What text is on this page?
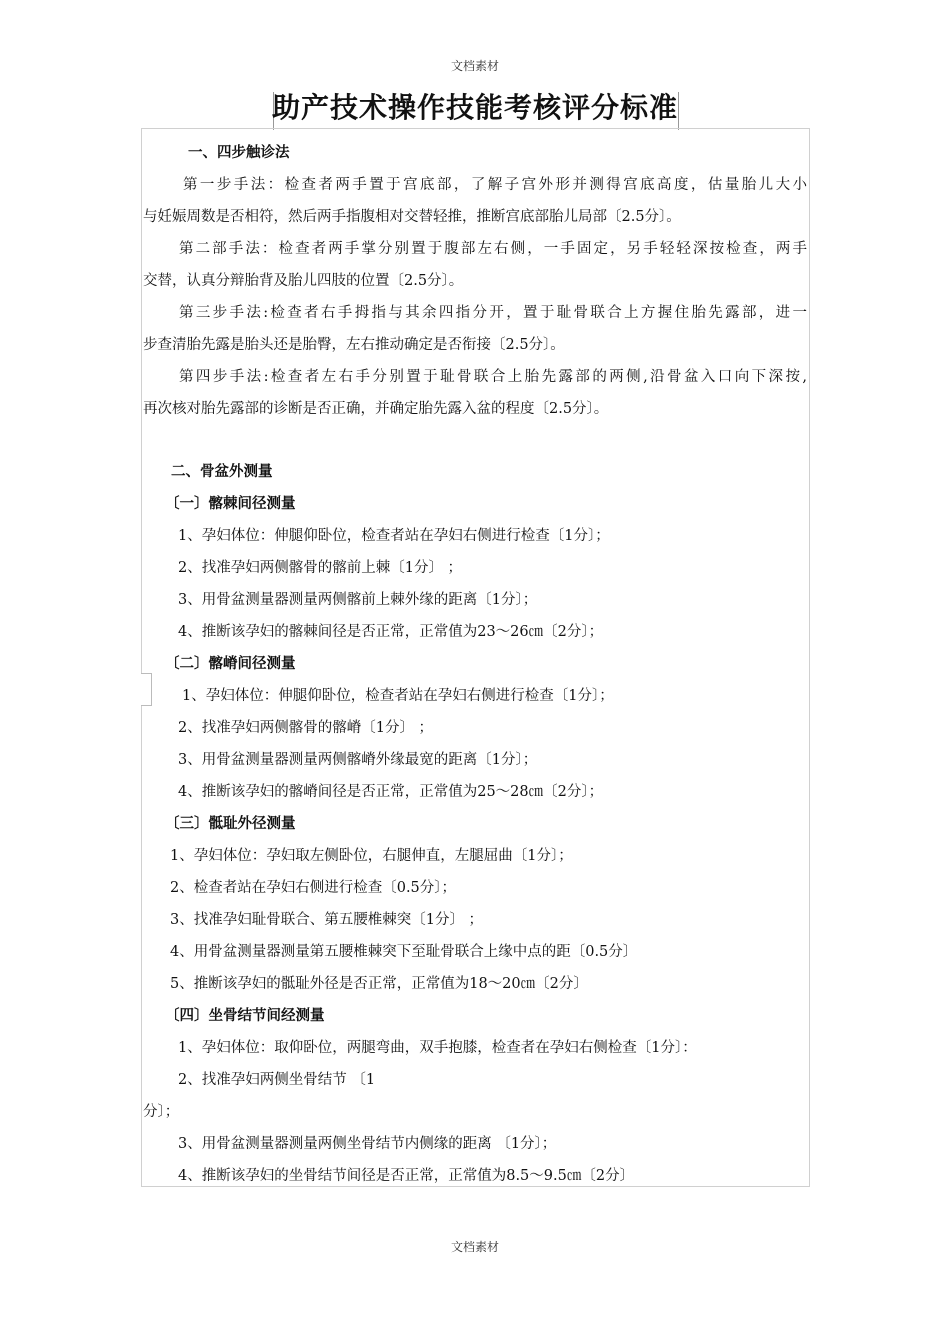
文档素材
助产技术操作技能考核评分标准
一、四步触诊法
第一步手法：检查者两手置于宫底部，了解子宫外形并测得宫底高度，估量胎儿大小
与妊娠周数是否相符，然后两手指腹相对交替轻推，推断宫底部胎儿局部〔2.5分〕。
第二部手法：检查者两手掌分别置于腹部左右侧，一手固定，另手轻轻深按检查，两手
交替，认真分辩胎背及胎儿四肢的位置〔2.5分〕。
第三步手法:检查者右手拇指与其余四指分开，置于耻骨联合上方握住胎先露部，进一
步查清胎先露是胎头还是胎臀，左右推动确定是否衔接〔2.5分〕。
第四步手法:检查者左右手分别置于耻骨联合上胎先露部的两侧,沿骨盆入口向下深按,
再次核对胎先露部的诊断是否正确，并确定胎先露入盆的程度〔2.5分〕。
二、骨盆外测量
〔一〕髂棘间径测量
1、孕妇体位：伸腿仰卧位，检查者站在孕妇右侧进行检查〔1分〕；
2、找准孕妇两侧髂骨的髂前上棘〔1分〕 ；
3、用骨盆测量器测量两侧髂前上棘外缘的距离〔1分〕；
4、推断该孕妇的髂棘间径是否正常，正常值为23～26㎝〔2分〕；
〔二〕髂嵴间径测量
1、孕妇体位：伸腿仰卧位，检查者站在孕妇右侧进行检查〔1分〕；
2、找准孕妇两侧髂骨的髂嵴〔1分〕 ；
3、用骨盆测量器测量两侧髂嵴外缘最宽的距离〔1分〕；
4、推断该孕妇的髂嵴间径是否正常，正常值为25～28㎝〔2分〕；
〔三〕骶耻外径测量
1、孕妇体位：孕妇取左侧卧位，右腿伸直，左腿屈曲〔1分〕；
2、检查者站在孕妇右侧进行检查〔0.5分〕；
3、找准孕妇耻骨联合、第五腰椎棘突〔1分〕 ；
4、用骨盆测量器测量第五腰椎棘突下至耻骨联合上缘中点的距〔0.5分〕
5、推断该孕妇的骶耻外径是否正常，正常值为18～20㎝〔2分〕
〔四〕坐骨结节间经测量
1、孕妇体位：取仰卧位，两腿弯曲，双手抱膝，检查者在孕妇右侧检查〔1分〕：
2、找准孕妇两侧坐骨结节 〔1
分〕；
3、用骨盆测量器测量两侧坐骨结节内侧缘的距离 〔1分〕；
4、推断该孕妇的坐骨结节间径是否正常，正常值为8.5～9.5㎝〔2分〕
文档素材
